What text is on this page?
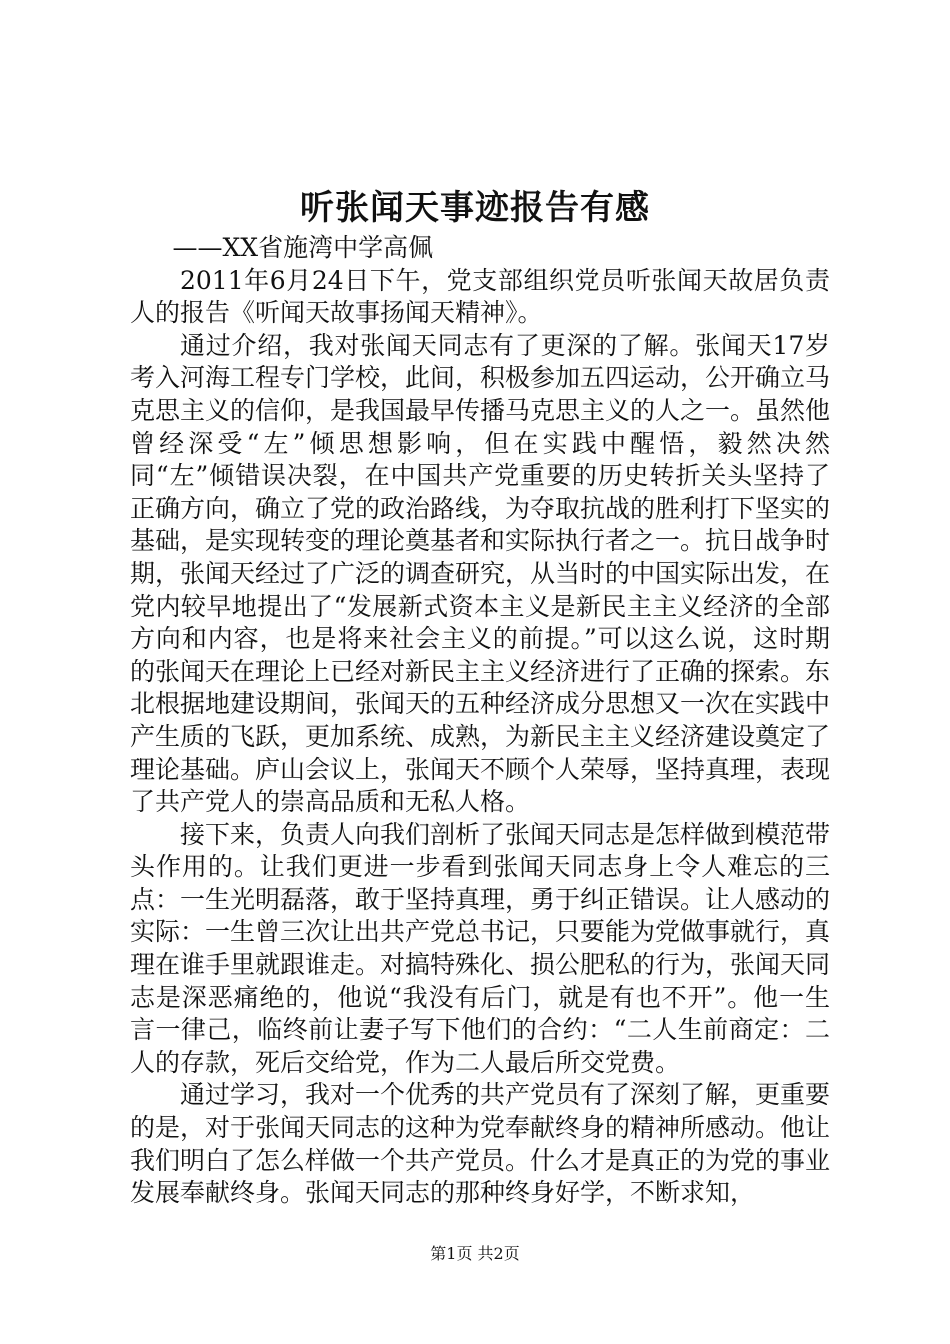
听张闻天事迹报告有感

——XX省施湾中学高佩

2011年6月24日下午，党支部组织党员听张闻天故居负责人的报告《听闻天故事扬闻天精神》。

通过介绍，我对张闻天同志有了更深的了解。张闻天17岁考入河海工程专门学校，此间，积极参加五四运动，公开确立马克思主义的信仰，是我国最早传播马克思主义的人之一。虽然他曾经深受“左”倾思想影响，但在实践中醒悟，毅然决然同“左”倾错误决裂，在中国共产党重要的历史转折关头坚持了正确方向，确立了党的政治路线，为夺取抗战的胜利打下坚实的基础，是实现转变的理论奠基者和实际执行者之一。抗日战争时期，张闻天经过了广泛的调查研究，从当时的中国实际出发，在党内较早地提出了“发展新式资本主义是新民主主义经济的全部方向和内容，也是将来社会主义的前提。”可以这么说，这时期的张闻天在理论上已经对新民主主义经济进行了正确的探索。东北根据地建设期间，张闻天的五种经济成分思想又一次在实践中产生质的飞跃，更加系统、成熟，为新民主主义经济建设奠定了理论基础。庐山会议上，张闻天不顾个人荣辱，坚持真理，表现了共产党人的崇高品质和无私人格。

接下来，负责人向我们剖析了张闻天同志是怎样做到模范带头作用的。让我们更进一步看到张闻天同志身上令人难忘的三点：一生光明磊落，敢于坚持真理，勇于纠正错误。让人感动的实际：一生曾三次让出共产党总书记，只要能为党做事就行，真理在谁手里就跟谁走。对搞特殊化、损公肥私的行为，张闻天同志是深恶痛绝的，他说“我没有后门，就是有也不开”。他一生言一律己，临终前让妻子写下他们的合约：“二人生前商定：二人的存款，死后交给党，作为二人最后所交党费。

通过学习，我对一个优秀的共产党员有了深刻了解，更重要的是，对于张闻天同志的这种为党奉献终身的精神所感动。他让我们明白了怎么样做一个共产党员。什么才是真正的为党的事业发展奉献终身。张闻天同志的那种终身好学，不断求知，

第1页 共2页
